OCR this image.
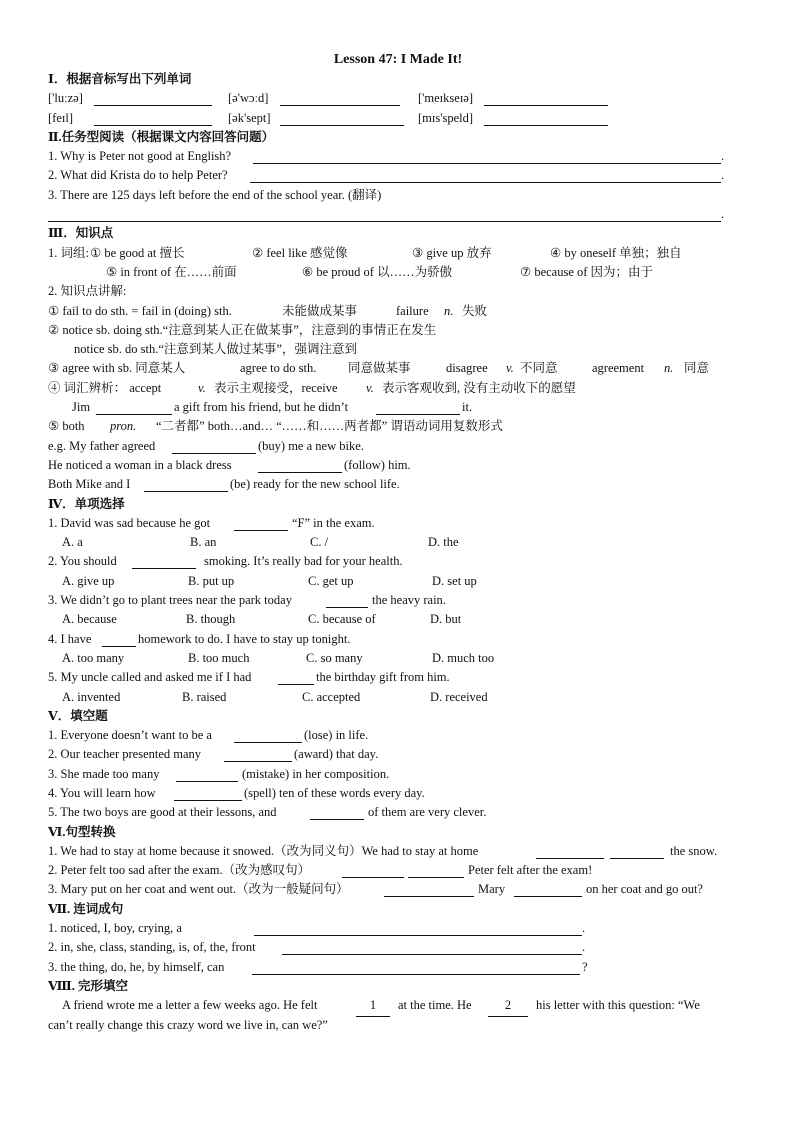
Lesson 47: I Made It!
Ⅰ．根据音标写出下列单词
['luːzə]	[ə'wɔːd]	['meɪkseɪə]
[feɪl]	[ək'sept]	[mɪs'speld]
Ⅱ.任务型阅读（根据课文内容回答问题）
1. Why is Peter not good at English?	.
2. What did Krista do to help Peter?	.
3. There are 125 days left before the end of the school year. (翻译)
.
Ⅲ．知识点
1. 词组: ① be good at 擅长	② feel like 感觉像	③ give up 放弃	④ by oneself 单独；独自
⑤ in front of 在……前面	⑥ be proud of 以……为骄傲	⑦ because of 因为；由于
2. 知识点讲解:
① fail to do sth. = fail in (doing) sth.	未能做成某事	failure n. 失败
② notice sb. doing sth.“注意到某人正在做某事”，注意到的事情正在发生
notice sb. do sth.“注意到某人做过某事”，强调注意到
③ agree with sb. 同意某人	agree to do sth.	同意做某事	disagree v. 不同意	agreement n. 同意
④ 词汇辨析： accept	v. 表示主观接受，receive v. 表示客观收到, 没有主动收下的愿望
Jim	a gift from his friend, but he didn’t	it.
⑤ both pron. “二者都” both…and… “……和……两者都” 谓语动词用复数形式
e.g. My father agreed	(buy) me a new bike.
He noticed a woman in a black dress	(follow) him.
Both Mike and I	(be) ready for the new school life.
Ⅳ．单项选择
1. David was sad because he got	“F” in the exam.
A. a	B. an	C. /	D. the
2. You should	smoking. It’s really bad for your health.
A. give up	B. put up	C. get up	D. set up
3. We didn’t go to plant trees near the park today	the heavy rain.
A. because	B. though	C. because of	D. but
4. I have	homework to do. I have to stay up tonight.
A. too many	B. too much	C. so many	D. much too
5. My uncle called and asked me if I had	the birthday gift from him.
A. invented	B. raised	C. accepted	D. received
Ⅴ．填空题
1. Everyone doesn’t want to be a	(lose) in life.
2. Our teacher presented many	(award) that day.
3. She made too many	(mistake) in her composition.
4. You will learn how	(spell) ten of these words every day.
5. The two boys are good at their lessons, and	of them are very clever.
Ⅵ.句型转换
1. We had to stay at home because it snowed.（改为同义句）We had to stay at home	the snow.
2. Peter felt too sad after the exam.（改为感叹句）	Peter felt after the exam!
3. Mary put on her coat and went out.（改为一般疑问句）	Mary	on her coat and go out?
Ⅶ. 连词成句
1. noticed, I, boy, crying, a	.
2. in, she, class, standing, is, of, the, front	.
3. the thing, do, he, by himself, can	?
Ⅷ. 完形填空
A friend wrote me a letter a few weeks ago. He felt	1	at the time. He	2	his letter with this question: “We
can’t really change this crazy word we live in, can we?”
